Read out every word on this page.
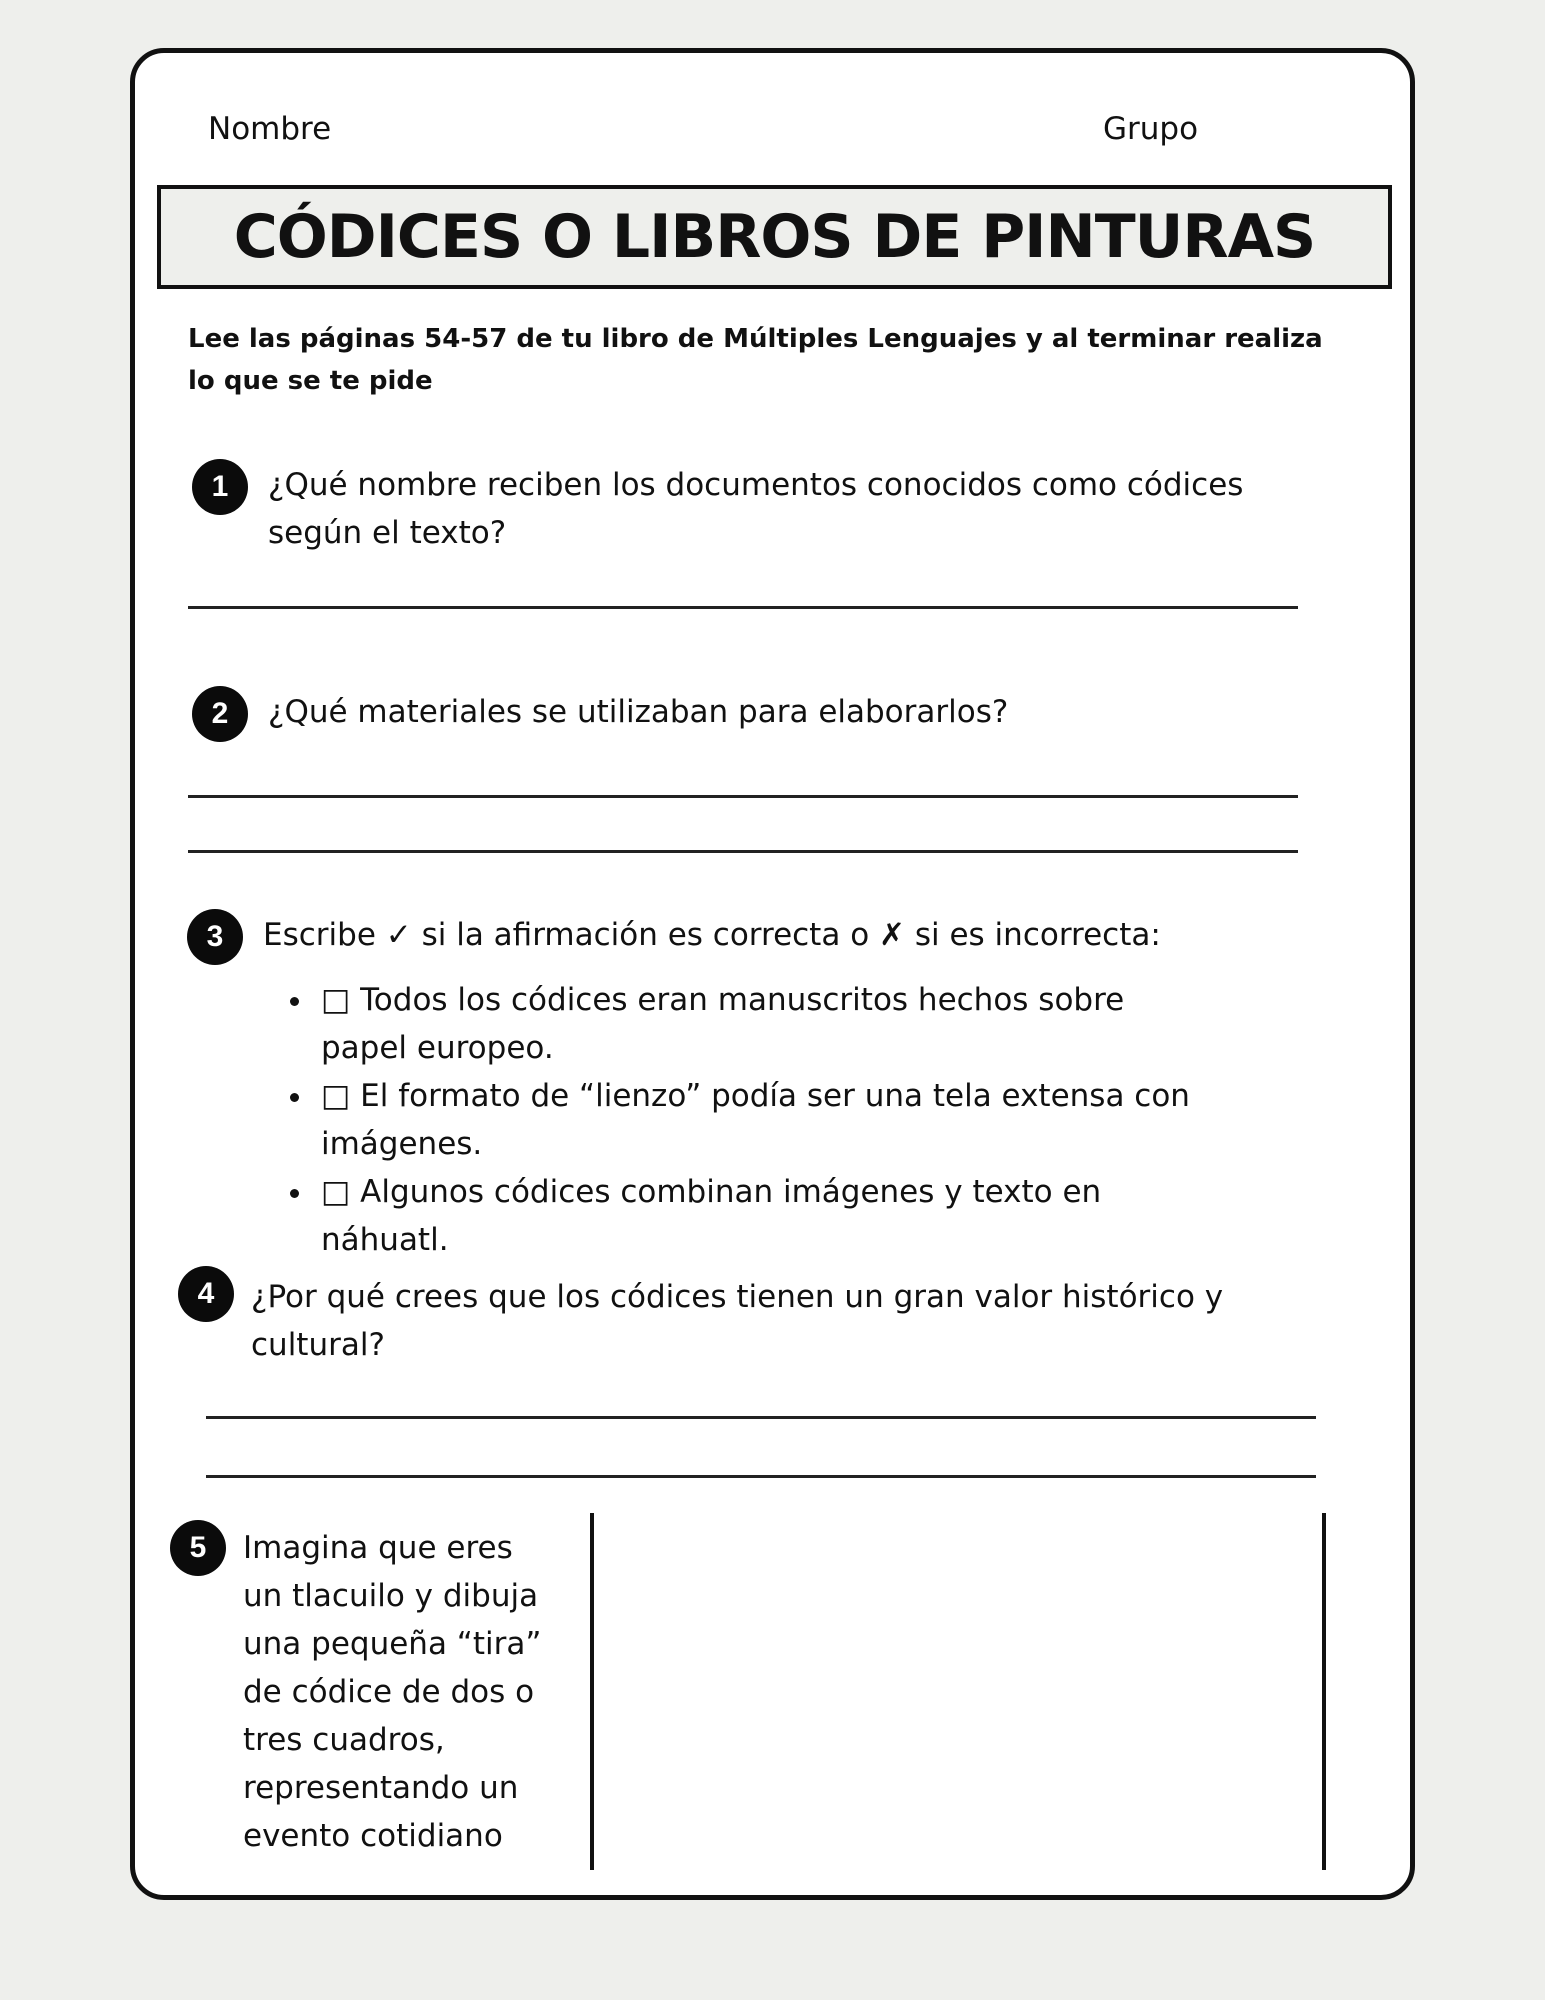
Nombre	Grupo
CÓDICES O LIBROS DE PINTURAS
Lee las páginas 54-57 de tu libro de Múltiples Lenguajes y al terminar realiza lo que se te pide
1	¿Qué nombre reciben los documentos conocidos como códices según el texto?
2	¿Qué materiales se utilizaban para elaborarlos?
3	Escribe ✓ si la afirmación es correcta o ✗ si es incorrecta:
• □ Todos los códices eran manuscritos hechos sobre papel europeo.
• □ El formato de “lienzo” podía ser una tela extensa con imágenes.
• □ Algunos códices combinan imágenes y texto en náhuatl.
4	¿Por qué crees que los códices tienen un gran valor histórico y cultural?
5	Imagina que eres un tlacuilo y dibuja una pequeña “tira” de códice de dos o tres cuadros, representando un evento cotidiano
